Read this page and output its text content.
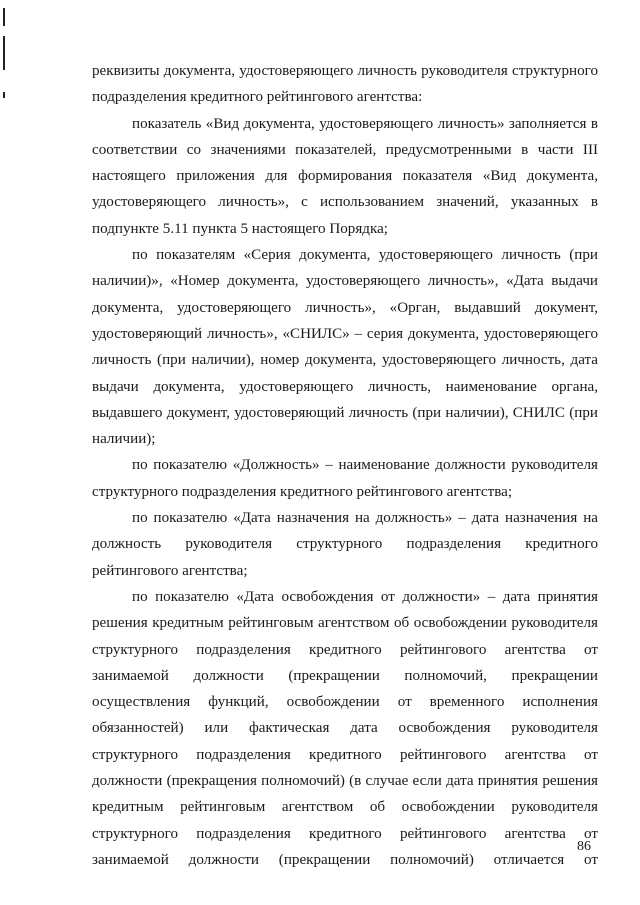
реквизиты документа, удостоверяющего личность руководителя структурного подразделения кредитного рейтингового агентства:

показатель «Вид документа, удостоверяющего личность» заполняется в соответствии со значениями показателей, предусмотренными в части III настоящего приложения для формирования показателя «Вид документа, удостоверяющего личность», с использованием значений, указанных в подпункте 5.11 пункта 5 настоящего Порядка;

по показателям «Серия документа, удостоверяющего личность (при наличии)», «Номер документа, удостоверяющего личность», «Дата выдачи документа, удостоверяющего личность», «Орган, выдавший документ, удостоверяющий личность», «СНИЛС» – серия документа, удостоверяющего личность (при наличии), номер документа, удостоверяющего личность, дата выдачи документа, удостоверяющего личность, наименование органа, выдавшего документ, удостоверяющий личность (при наличии), СНИЛС (при наличии);

по показателю «Должность» – наименование должности руководителя структурного подразделения кредитного рейтингового агентства;

по показателю «Дата назначения на должность» – дата назначения на должность руководителя структурного подразделения кредитного рейтингового агентства;

по показателю «Дата освобождения от должности» – дата принятия решения кредитным рейтинговым агентством об освобождении руководителя структурного подразделения кредитного рейтингового агентства от занимаемой должности (прекращении полномочий, прекращении осуществления функций, освобождении от временного исполнения обязанностей) или фактическая дата освобождения руководителя структурного подразделения кредитного рейтингового агентства от должности (прекращения полномочий) (в случае если дата принятия решения кредитным рейтинговым агентством об освобождении руководителя структурного подразделения кредитного рейтингового агентства от занимаемой должности (прекращении полномочий) отличается от

86
